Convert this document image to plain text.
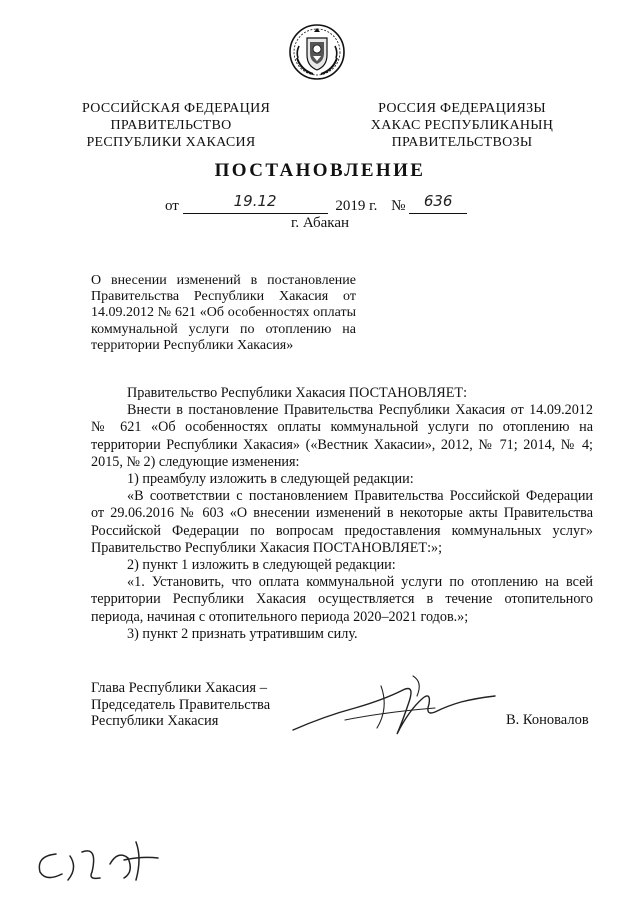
РОССИЙСКАЯ ФЕДЕРАЦИЯ
ПРАВИТЕЛЬСТВО
РЕСПУБЛИКИ ХАКАСИЯ
РОССИЯ ФЕДЕРАЦИЯЗЫ
ХАКАС РЕСПУБЛИКАНЫҢ
ПРАВИТЕЛЬСТВОЗЫ
ПОСТАНОВЛЕНИЕ
от	19.12	2019 г. № 636
г. Абакан
О внесении изменений в постановление Правительства Республики Хакасия от 14.09.2012 № 621 «Об особенностях оплаты коммунальной услуги по отоплению на территории Республики Хакасия»

Правительство Республики Хакасия ПОСТАНОВЛЯЕТ:

Внести в постановление Правительства Республики Хакасия от 14.09.2012 № 621 «Об особенностях оплаты коммунальной услуги по отоплению на территории Республики Хакасия» («Вестник Хакасии», 2012, № 71; 2014, № 4; 2015, № 2) следующие изменения:

1) преамбулу изложить в следующей редакции:

«В соответствии с постановлением Правительства Российской Федерации от 29.06.2016 № 603 «О внесении изменений в некоторые акты Правительства Российской Федерации по вопросам предоставления коммунальных услуг» Правительство Республики Хакасия ПОСТАНОВЛЯЕТ:»;

2) пункт 1 изложить в следующей редакции:

«1. Установить, что оплата коммунальной услуги по отоплению на всей территории Республики Хакасия осуществляется в течение отопительного периода, начиная с отопительного периода 2020–2021 годов.»;

3) пункт 2 признать утратившим силу.

Глава Республики Хакасия –
Председатель Правительства
Республики Хакасия	В. Коновалов
